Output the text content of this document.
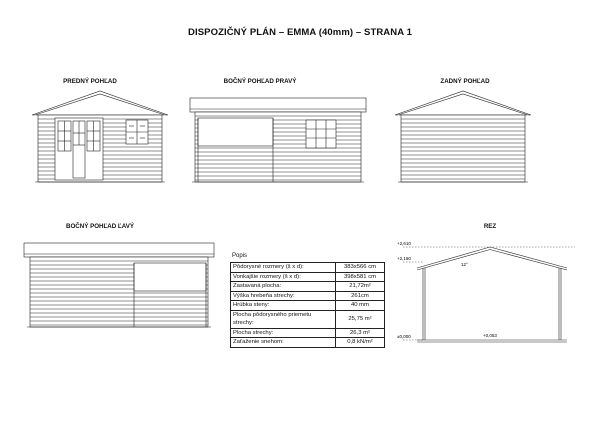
DISPOZIČNÝ PLÁN – EMMA (40mm) – STRANA 1
PREDNÝ POHĽAD	BOČNÝ POHĽAD PRAVÝ	ZADNÝ POHĽAD
BOČNÝ POHĽAD ĽAVÝ	REZ
+2,610
+2,160
12°
±0,000	+0,053
Popis
Pôdorysné rozmery (š x d):	383x566 cm
Vonkajšie rozmery (š x d):	398x581 cm
Zastavaná plocha:	21,72m²
Výška hrebeňa strechy:	261cm
Hrúbka steny:	40 mm
Plocha pôdorysného priemetu strechy:	25,75 m²
Plocha strechy:	26,3 m²
Zaťaženie snehom:	0,8 kN/m²
